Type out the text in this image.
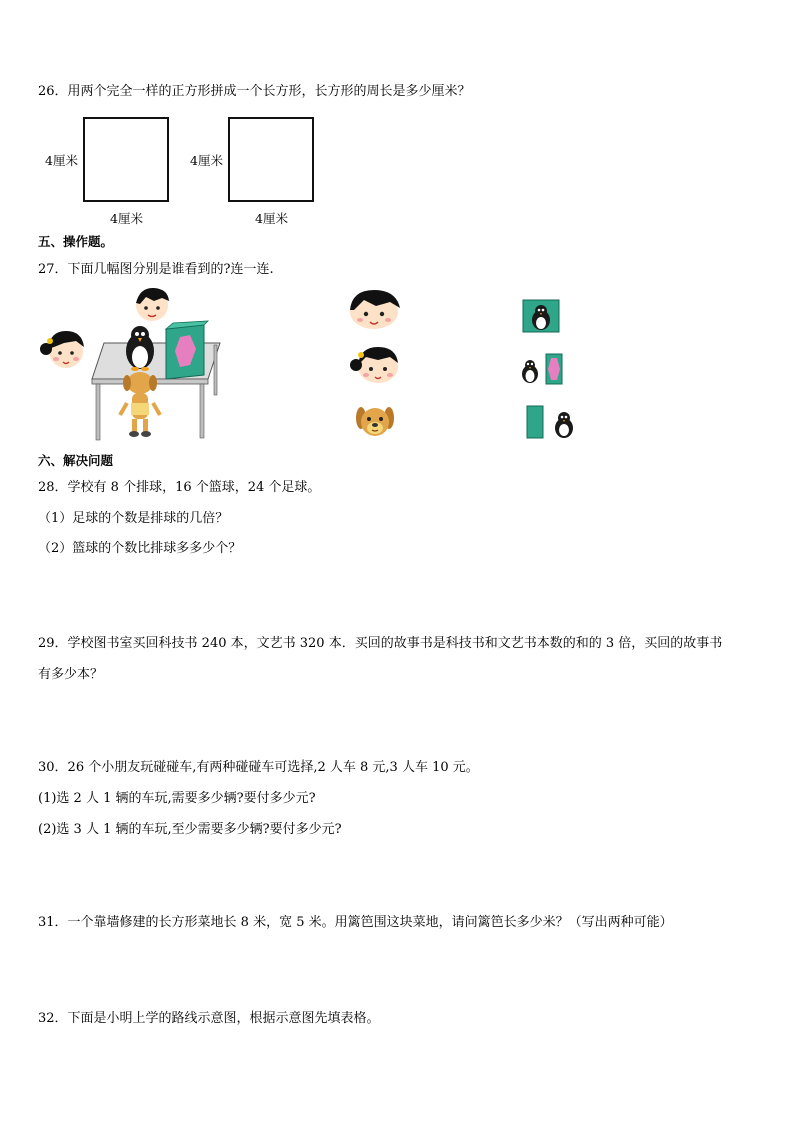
26．用两个完全一样的正方形拼成一个长方形，长方形的周长是多少厘米？
4厘米
4厘米
4厘米
4厘米
五、操作题。
27．下面几幅图分别是谁看到的?连一连.
六、解决问题
28．学校有 8 个排球，16 个篮球，24 个足球。
（1）足球的个数是排球的几倍？
（2）篮球的个数比排球多多少个？
29．学校图书室买回科技书 240 本，文艺书 320 本．买回的故事书是科技书和文艺书本数的和的 3 倍，买回的故事书
有多少本？
30．26 个小朋友玩碰碰车,有两种碰碰车可选择,2 人车 8 元,3 人车 10 元。
(1)选 2 人 1 辆的车玩,需要多少辆?要付多少元?
(2)选 3 人 1 辆的车玩,至少需要多少辆?要付多少元?
31．一个靠墙修建的长方形菜地长 8 米，宽 5 米。用篱笆围这块菜地，请问篱笆长多少米？（写出两种可能）
32．下面是小明上学的路线示意图，根据示意图先填表格。
